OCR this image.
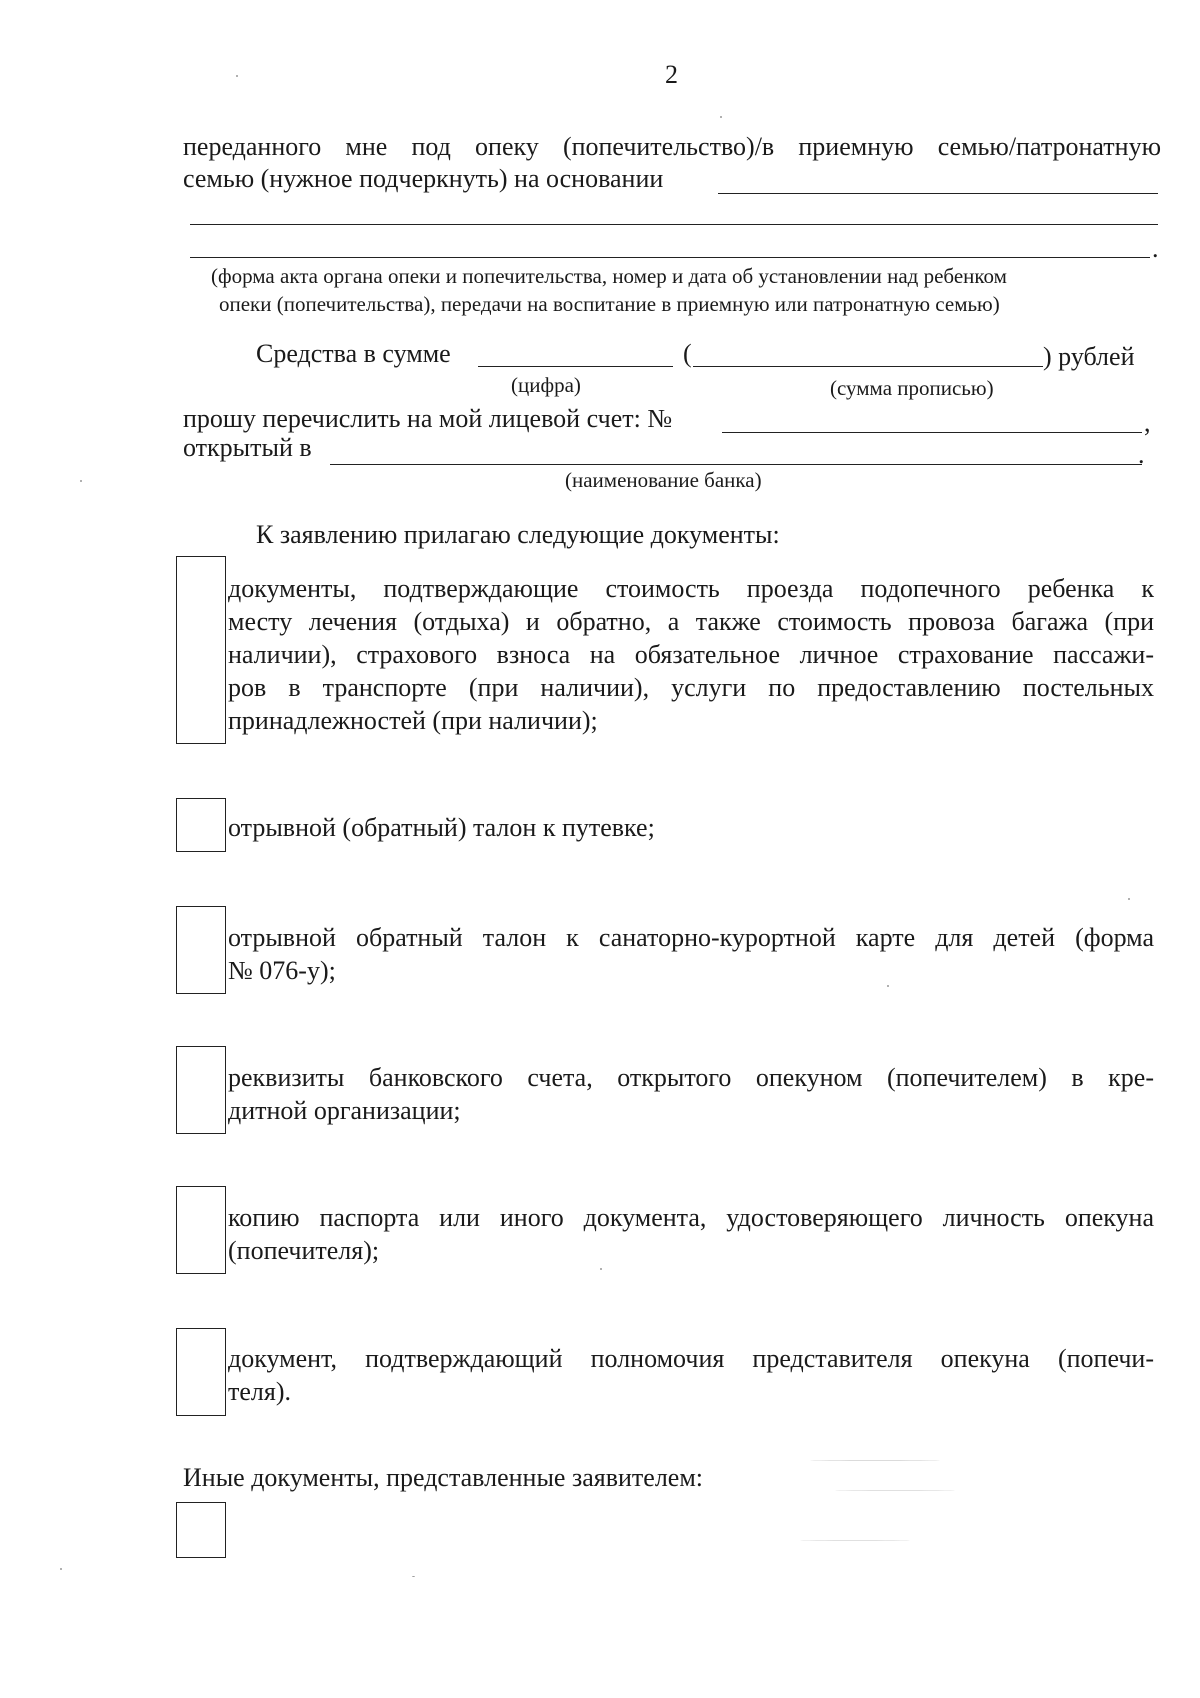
2
переданного мне под опеку (попечительство)/в приемную семью/патронатную
семью (нужное подчеркнуть) на основании
.
(форма акта органа опеки и попечительства, номер и дата об установлении над ребенком
опеки (попечительства), передачи на воспитание в приемную или патронатную семью)
Средства в сумме	(	) рублей
(цифра)	(сумма прописью)
прошу перечислить на мой лицевой счет: №	,
открытый в	.
(наименование банка)
К заявлению прилагаю следующие документы:
документы, подтверждающие стоимость проезда подопечного ребенка к
месту лечения (отдыха) и обратно, а также стоимость провоза багажа (при
наличии), страхового взноса на обязательное личное страхование пассажи-
ров в транспорте (при наличии), услуги по предоставлению постельных
принадлежностей (при наличии);
отрывной (обратный) талон к путевке;
отрывной обратный талон к санаторно-курортной карте для детей (форма
№ 076-у);
реквизиты банковского счета, открытого опекуном (попечителем) в кре-
дитной организации;
копию паспорта или иного документа, удостоверяющего личность опекуна
(попечителя);
документ, подтверждающий полномочия представителя опекуна (попечи-
теля).
Иные документы, представленные заявителем:
